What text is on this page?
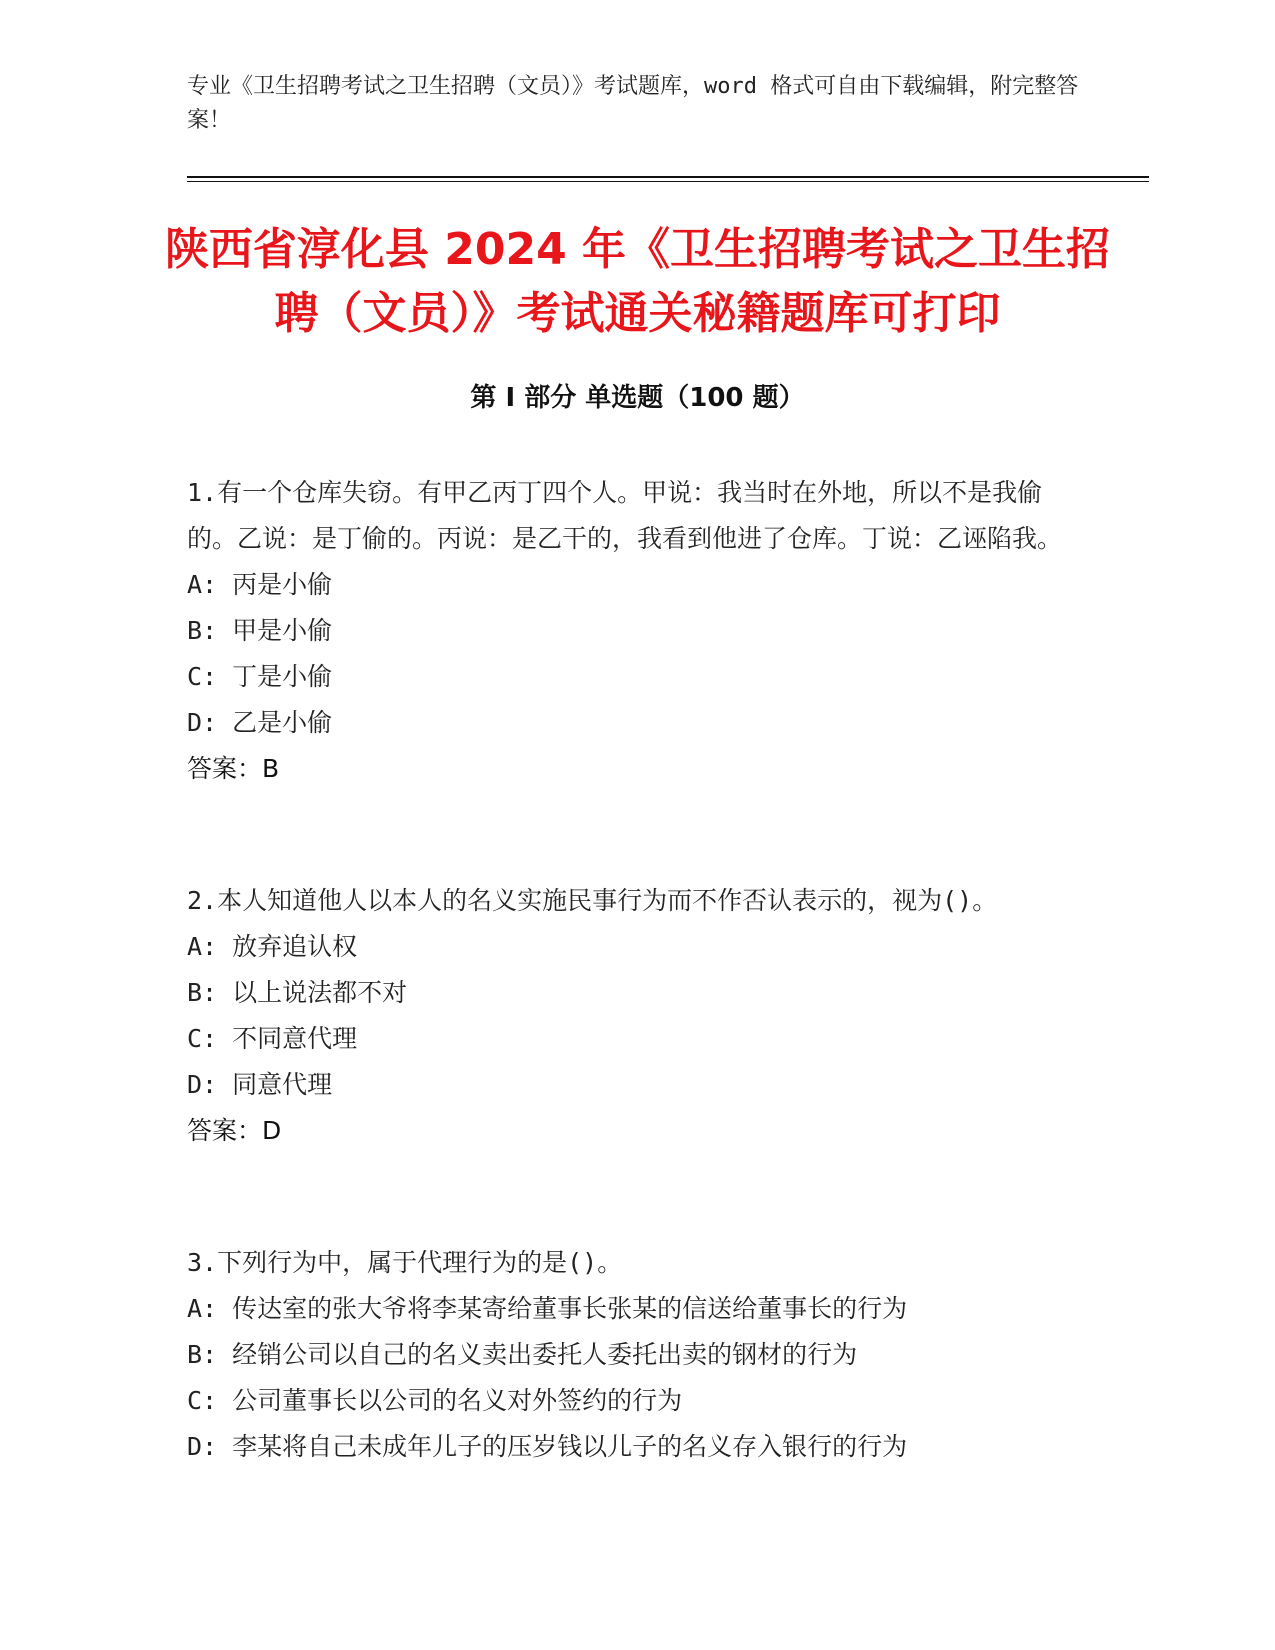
专业《卫生招聘考试之卫生招聘（文员）》考试题库，word 格式可自由下载编辑，附完整答案！
陕西省淳化县 2024 年《卫生招聘考试之卫生招聘（文员）》考试通关秘籍题库可打印
第 I 部分 单选题（100 题）

1.有一个仓库失窃。有甲乙丙丁四个人。甲说：我当时在外地，所以不是我偷的。乙说：是丁偷的。丙说：是乙干的，我看到他进了仓库。丁说：乙诬陷我。

A: 丙是小偷

B: 甲是小偷

C: 丁是小偷

D: 乙是小偷

答案：B

2.本人知道他人以本人的名义实施民事行为而不作否认表示的，视为()。

A: 放弃追认权

B: 以上说法都不对

C: 不同意代理

D: 同意代理

答案：D

3.下列行为中，属于代理行为的是()。

A: 传达室的张大爷将李某寄给董事长张某的信送给董事长的行为

B: 经销公司以自己的名义卖出委托人委托出卖的钢材的行为

C: 公司董事长以公司的名义对外签约的行为

D: 李某将自己未成年儿子的压岁钱以儿子的名义存入银行的行为
